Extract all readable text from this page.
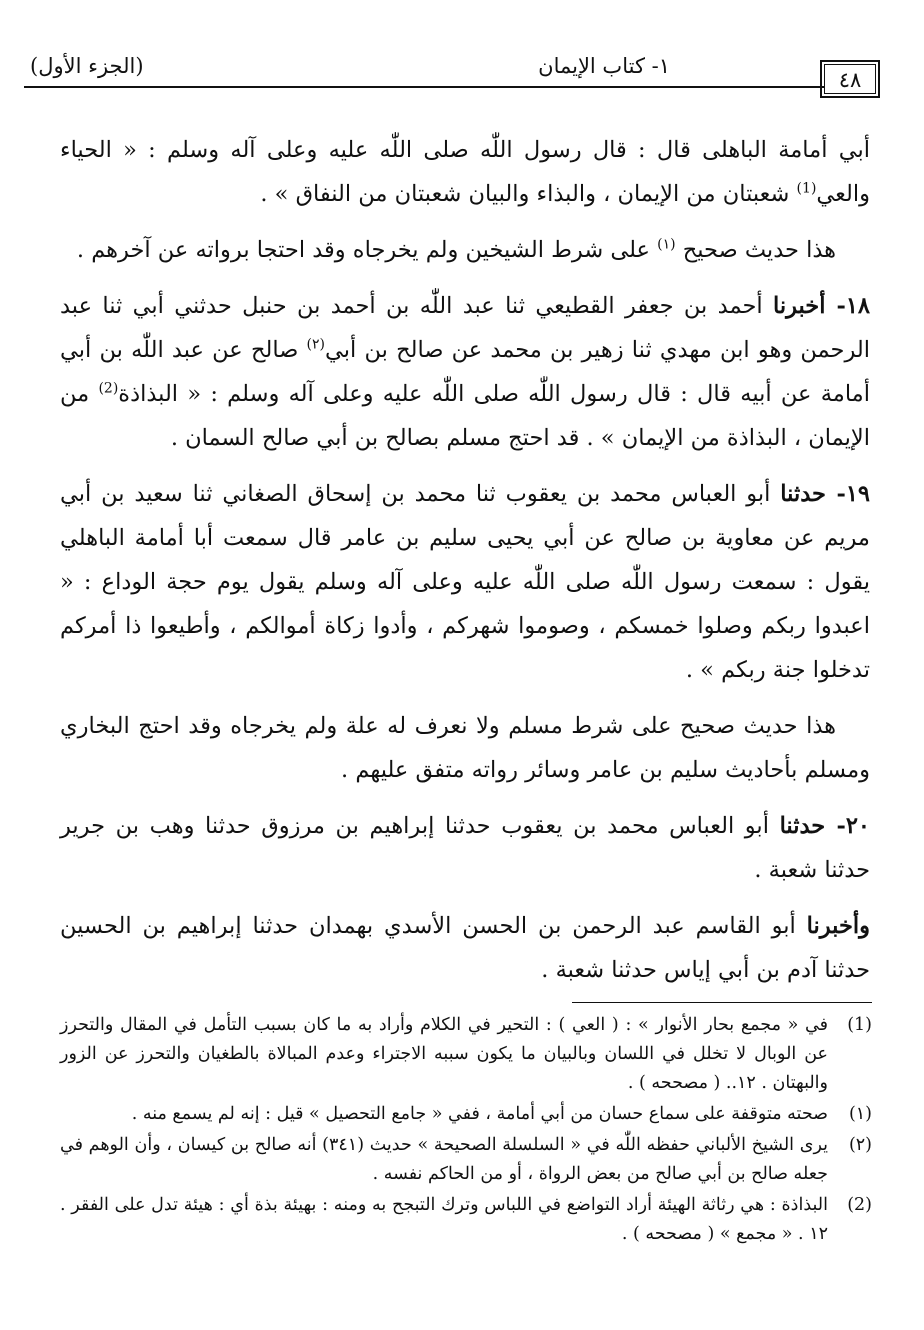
٤٨
١- كتاب الإيمان
(الجزء الأول)

أبي أمامة الباهلى قال : قال رسول اللّٰه صلى اللّٰه عليه وعلى آله وسلم : « الحياء والعي$^{(1)}$ شعبتان من الإيمان ، والبذاء والبيان شعبتان من النفاق » .

هذا حديث صحيح $^{(١)}$ على شرط الشيخين ولم يخرجاه وقد احتجا برواته عن آخرهم .

١٨- أخبرنا أحمد بن جعفر القطيعي ثنا عبد اللّٰه بن أحمد بن حنبل حدثني أبي ثنا عبد الرحمن وهو ابن مهدي ثنا زهير بن محمد عن صالح بن أبي$^{(٢)}$ صالح عن عبد اللّٰه بن أبي أمامة عن أبيه قال : قال رسول اللّٰه صلى اللّٰه عليه وعلى آله وسلم : « البذاذة$^{(2)}$ من الإيمان ، البذاذة من الإيمان » . قد احتج مسلم بصالح بن أبي صالح السمان .

١٩- حدثنا أبو العباس محمد بن يعقوب ثنا محمد بن إسحاق الصغاني ثنا سعيد بن أبي مريم عن معاوية بن صالح عن أبي يحيى سليم بن عامر قال سمعت أبا أمامة الباهلي يقول : سمعت رسول اللّٰه صلى اللّٰه عليه وعلى آله وسلم يقول يوم حجة الوداع : « اعبدوا ربكم وصلوا خمسكم ، وصوموا شهركم ، وأدوا زكاة أموالكم ، وأطيعوا ذا أمركم تدخلوا جنة ربكم » .

هذا حديث صحيح على شرط مسلم ولا نعرف له علة ولم يخرجاه وقد احتج البخاري ومسلم بأحاديث سليم بن عامر وسائر رواته متفق عليهم .

٢٠- حدثنا أبو العباس محمد بن يعقوب حدثنا إبراهيم بن مرزوق حدثنا وهب بن جرير حدثنا شعبة .

وأخبرنا أبو القاسم عبد الرحمن بن الحسن الأسدي بهمدان حدثنا إبراهيم بن الحسين حدثنا آدم بن أبي إياس حدثنا شعبة .

(1)
في « مجمع بحار الأنوار » : ( العي ) : التحير في الكلام وأراد به ما كان بسبب التأمل في المقال والتحرز عن الوبال لا تخلل في اللسان وبالبيان ما يكون سببه الاجتراء وعدم المبالاة بالطغيان والتحرز عن الزور والبهتان . ١٢.. ( مصححه ) .
(١)
صحته متوقفة على سماع حسان من أبي أمامة ، ففي « جامع التحصيل » قيل : إنه لم يسمع منه .
(٢)
يرى الشيخ الألباني حفظه اللّٰه في « السلسلة الصحيحة » حديث (٣٤١) أنه صالح بن كيسان ، وأن الوهم في جعله صالح بن أبي صالح من بعض الرواة ، أو من الحاكم نفسه .
(2)
البذاذة : هي رثاثة الهيئة أراد التواضع في اللباس وترك التبجح به ومنه : بهيئة بذة أي : هيئة تدل على الفقر . ١٢ . « مجمع » ( مصححه ) .
